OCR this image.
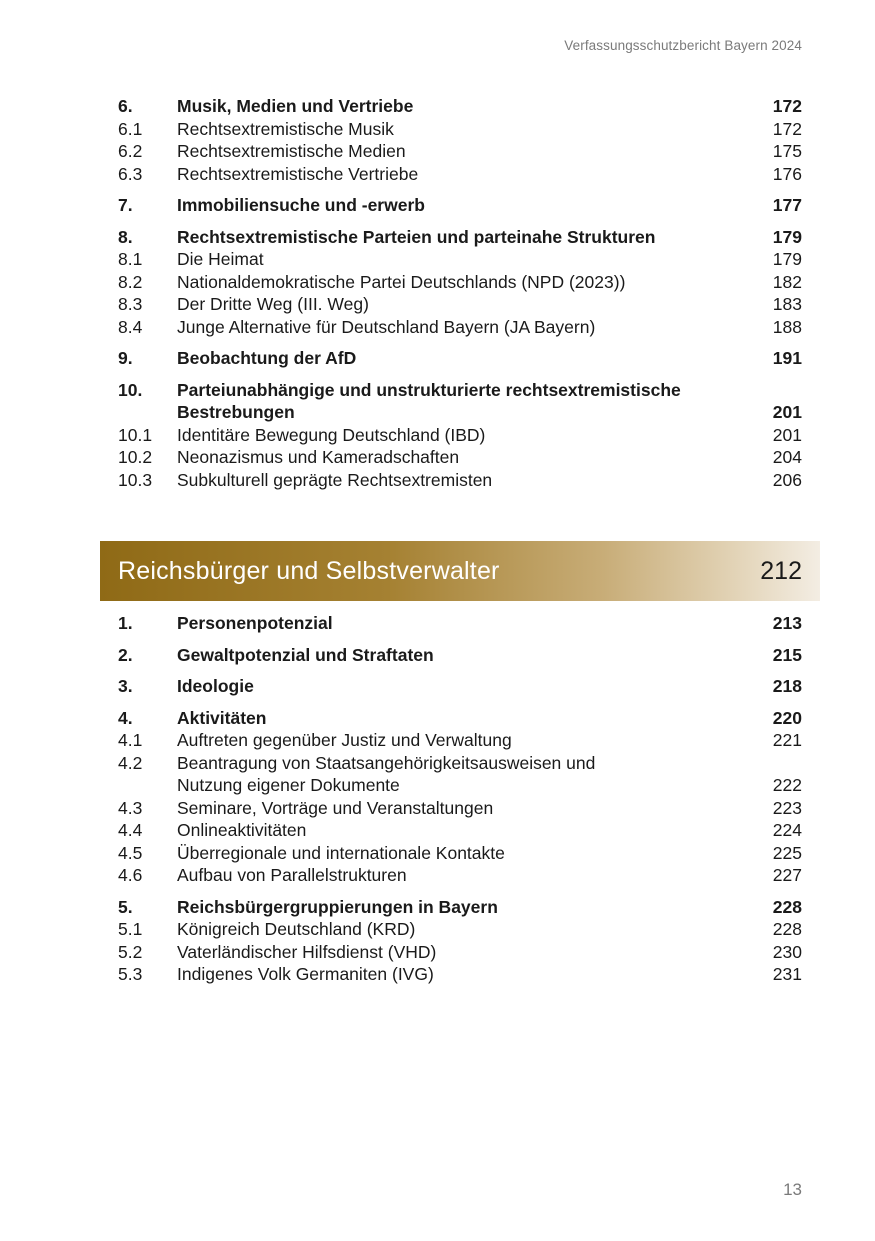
Verfassungsschutzbericht Bayern 2024
6.	Musik, Medien und Vertriebe	172
6.1	Rechtsextremistische Musik	172
6.2	Rechtsextremistische Medien	175
6.3	Rechtsextremistische Vertriebe	176
7.	Immobiliensuche und -erwerb	177
8.	Rechtsextremistische Parteien und parteinahe Strukturen	179
8.1	Die Heimat	179
8.2	Nationaldemokratische Partei Deutschlands (NPD (2023))	182
8.3	Der Dritte Weg (III. Weg)	183
8.4	Junge Alternative für Deutschland Bayern (JA Bayern)	188
9.	Beobachtung der AfD	191
10.	Parteiunabhängige und unstrukturierte rechtsextremistische
Bestrebungen	201
10.1	Identitäre Bewegung Deutschland (IBD)	201
10.2	Neonazismus und Kameradschaften	204
10.3	Subkulturell geprägte Rechtsextremisten	206
Reichsbürger und Selbstverwalter	212
1.	Personenpotenzial	213
2.	Gewaltpotenzial und Straftaten	215
3.	Ideologie	218
4.	Aktivitäten	220
4.1	Auftreten gegenüber Justiz und Verwaltung	221
4.2	Beantragung von Staatsangehörigkeitsausweisen und
Nutzung eigener Dokumente	222
4.3	Seminare, Vorträge und Veranstaltungen	223
4.4	Onlineaktivitäten	224
4.5	Überregionale und internationale Kontakte	225
4.6	Aufbau von Parallelstrukturen	227
5.	Reichsbürgergruppierungen in Bayern	228
5.1	Königreich Deutschland (KRD)	228
5.2	Vaterländischer Hilfsdienst (VHD)	230
5.3	Indigenes Volk Germaniten (IVG)	231
13
